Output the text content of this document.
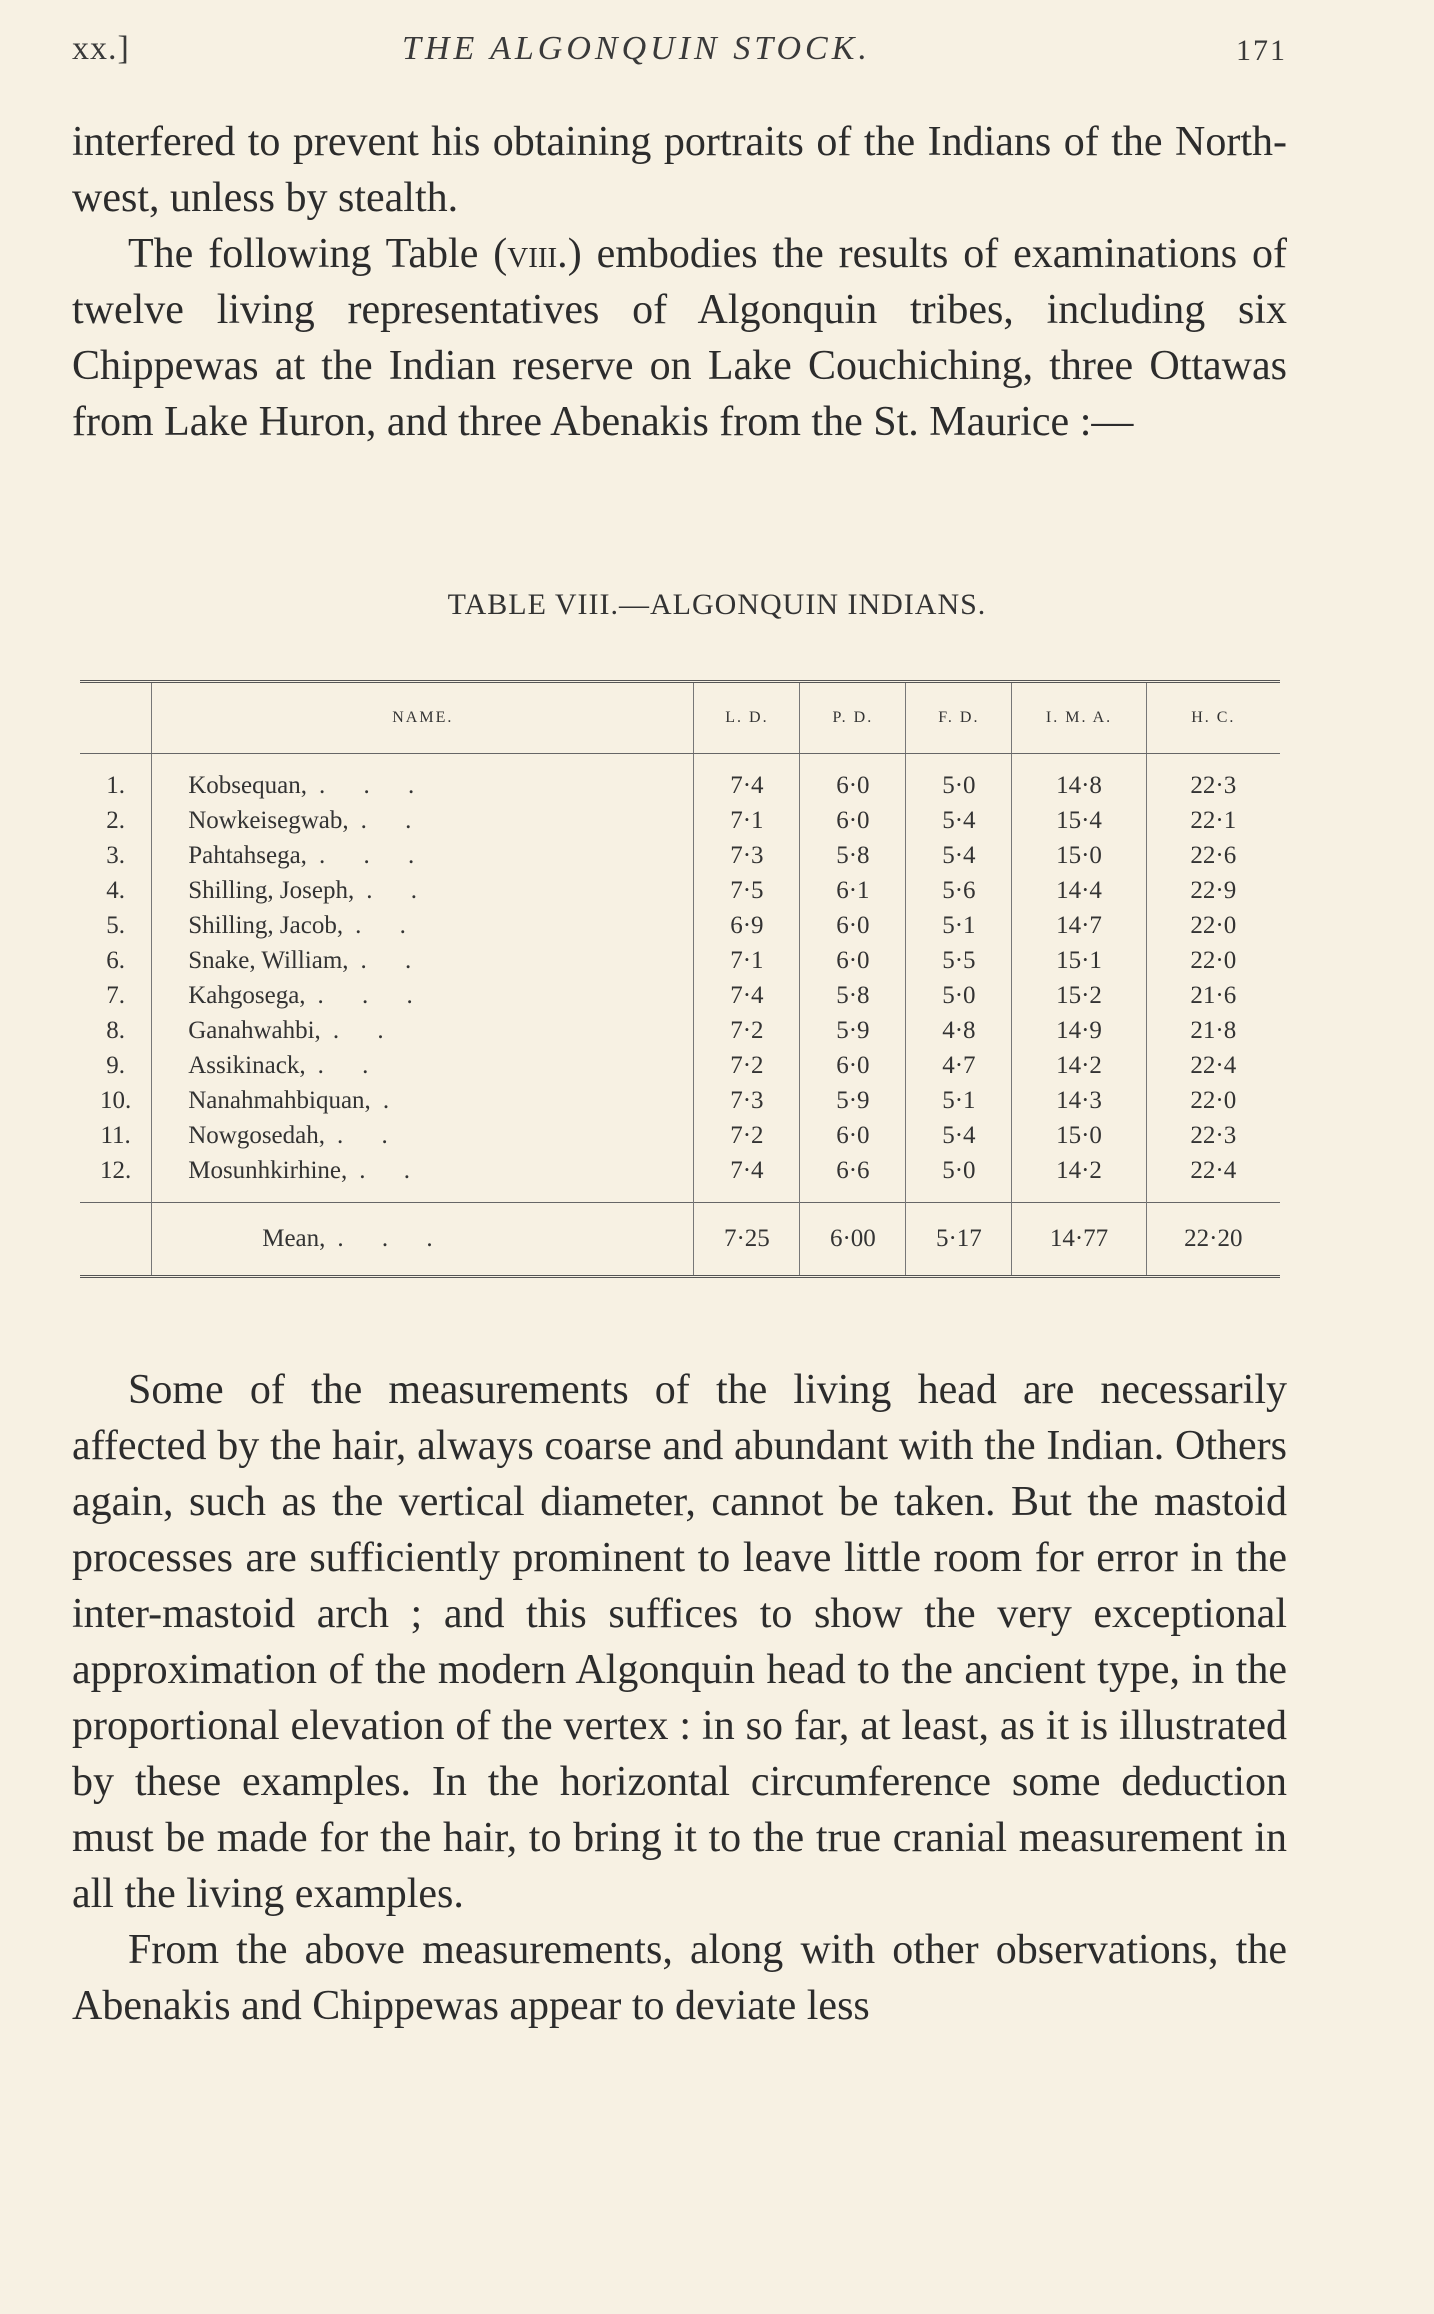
xx.]	THE ALGONQUIN STOCK.	171

interfered to prevent his obtaining portraits of the Indians of the North-west, unless by stealth.

The following Table (viii.) embodies the results of examinations of twelve living representatives of Algonquin tribes, including six Chippewas at the Indian reserve on Lake Couchiching, three Ottawas from Lake Huron, and three Abenakis from the St. Maurice :—

TABLE VIII.—ALGONQUIN INDIANS.
	NAME.	L. D.	P. D.	F. D.	I. M. A.	H. C.
1.	Kobsequan, . . .	7·4	6·0	5·0	14·8	22·3
2.	Nowkeisegwab, . .	7·1	6·0	5·4	15·4	22·1
3.	Pahtahsega, . . .	7·3	5·8	5·4	15·0	22·6
4.	Shilling, Joseph, . .	7·5	6·1	5·6	14·4	22·9
5.	Shilling, Jacob, . .	6·9	6·0	5·1	14·7	22·0
6.	Snake, William, . .	7·1	6·0	5·5	15·1	22·0
7.	Kahgosega, . . .	7·4	5·8	5·0	15·2	21·6
8.	Ganahwahbi, . .	7·2	5·9	4·8	14·9	21·8
9.	Assikinack, . .	7·2	6·0	4·7	14·2	22·4
10.	Nanahmahbiquan, .	7·3	5·9	5·1	14·3	22·0
11.	Nowgosedah, . .	7·2	6·0	5·4	15·0	22·3
12.	Mosunhkirhine, . .	7·4	6·6	5·0	14·2	22·4
	Mean, . . .	7·25	6·00	5·17	14·77	22·20

Some of the measurements of the living head are necessarily affected by the hair, always coarse and abundant with the Indian. Others again, such as the vertical diameter, cannot be taken. But the mastoid processes are sufficiently prominent to leave little room for error in the inter-mastoid arch ; and this suffices to show the very exceptional approximation of the modern Algonquin head to the ancient type, in the proportional elevation of the vertex : in so far, at least, as it is illustrated by these examples. In the horizontal circumference some deduction must be made for the hair, to bring it to the true cranial measurement in all the living examples.

From the above measurements, along with other observations, the Abenakis and Chippewas appear to deviate less
